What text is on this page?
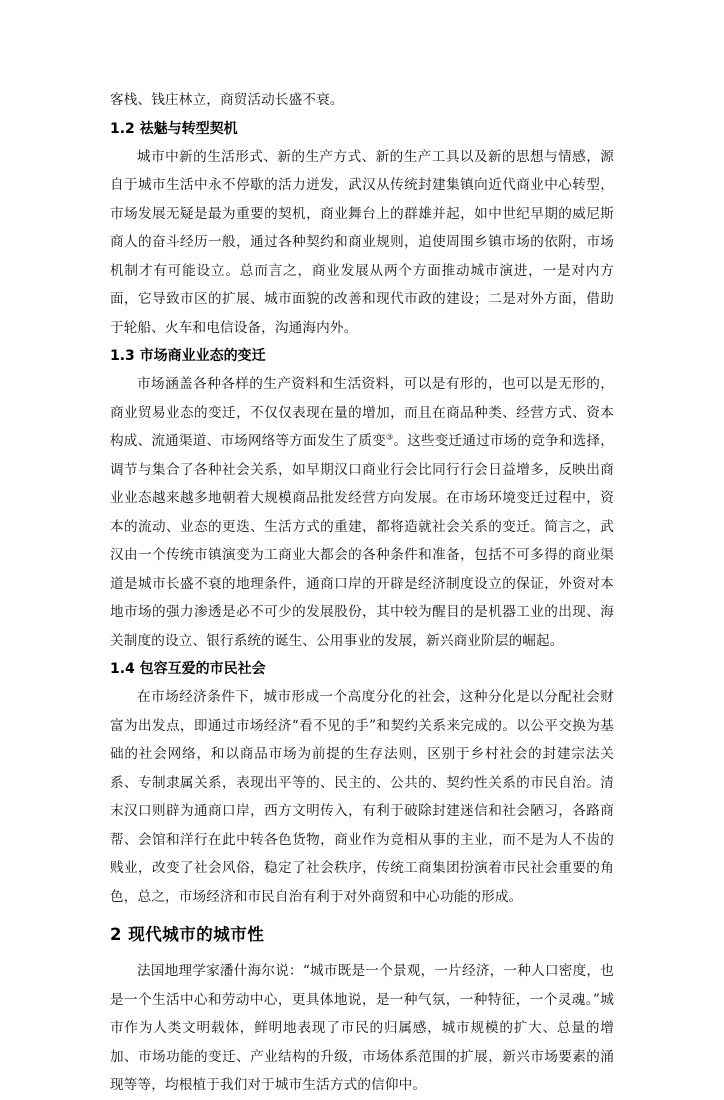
客栈、钱庄林立，商贸活动长盛不衰。

1.2 祛魅与转型契机

城市中新的生活形式、新的生产方式、新的生产工具以及新的思想与情感，源自于城市生活中永不停歇的活力迸发，武汉从传统封建集镇向近代商业中心转型，市场发展无疑是最为重要的契机，商业舞台上的群雄并起，如中世纪早期的威尼斯商人的奋斗经历一般，通过各种契约和商业规则，追使周围乡镇市场的依附，市场机制才有可能设立。总而言之，商业发展从两个方面推动城市演进，一是对内方面，它导致市区的扩展、城市面貌的改善和现代市政的建设；二是对外方面，借助于轮船、火车和电信设备，沟通海内外。

1.3 市场商业业态的变迁

市场涵盖各种各样的生产资料和生活资料，可以是有形的，也可以是无形的，商业贸易业态的变迁，不仅仅表现在量的增加，而且在商品种类、经营方式、资本构成、流通渠道、市场网络等方面发生了质变③。这些变迁通过市场的竞争和选择，调节与集合了各种社会关系，如早期汉口商业行会比同行行会日益增多，反映出商业业态越来越多地朝着大规模商品批发经营方向发展。在市场环境变迁过程中，资本的流动、业态的更迭、生活方式的重建，都将造就社会关系的变迁。简言之，武汉由一个传统市镇演变为工商业大都会的各种条件和准备，包括不可多得的商业渠道是城市长盛不衰的地理条件，通商口岸的开辟是经济制度设立的保证，外资对本地市场的强力渗透是必不可少的发展股份，其中较为醒目的是机器工业的出现、海关制度的设立、银行系统的诞生、公用事业的发展，新兴商业阶层的崛起。

1.4 包容互爱的市民社会

在市场经济条件下，城市形成一个高度分化的社会，这种分化是以分配社会财富为出发点，即通过市场经济“看不见的手”和契约关系来完成的。以公平交换为基础的社会网络，和以商品市场为前提的生存法则，区别于乡村社会的封建宗法关系、专制隶属关系，表现出平等的、民主的、公共的、契约性关系的市民自治。清末汉口则辟为通商口岸，西方文明传入，有利于破除封建迷信和社会陋习，各路商帮、会馆和洋行在此中转各色货物，商业作为竞相从事的主业，而不是为人不齿的贱业，改变了社会风俗，稳定了社会秩序，传统工商集团扮演着市民社会重要的角色，总之，市场经济和市民自治有利于对外商贸和中心功能的形成。

2 现代城市的城市性

法国地理学家潘什海尔说：“城市既是一个景观，一片经济，一种人口密度，也是一个生活中心和劳动中心，更具体地说，是一种气氛，一种特征，一个灵魂。”城市作为人类文明载体，鲜明地表现了市民的归属感，城市规模的扩大、总量的增加、市场功能的变迁、产业结构的升级，市场体系范围的扩展，新兴市场要素的涌现等等，均根植于我们对于城市生活方式的信仰中。
